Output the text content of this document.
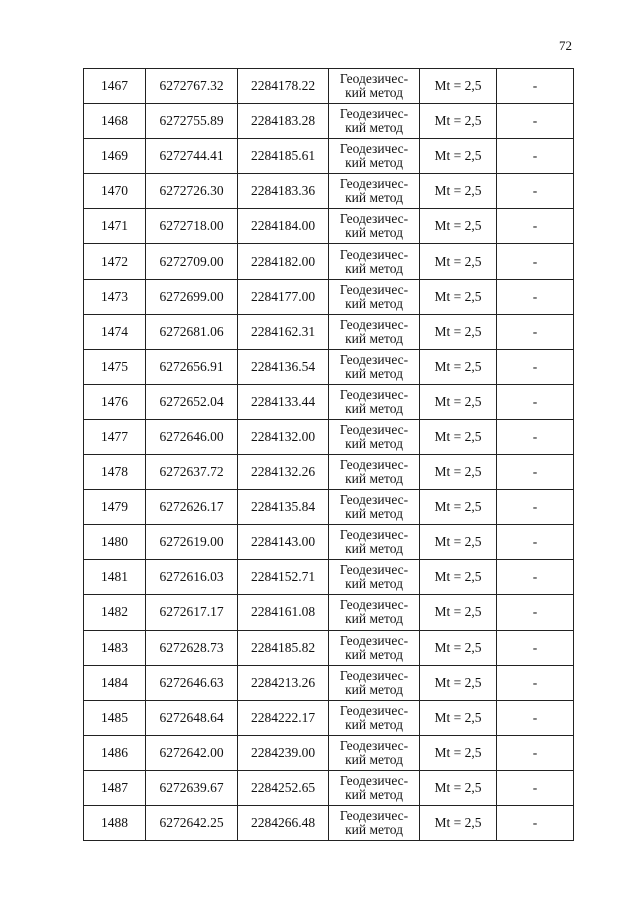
72
1467	6272767.32	2284178.22	Геодезичес-
кий метод	Mt = 2,5	-
1468	6272755.89	2284183.28	Геодезичес-
кий метод	Mt = 2,5	-
1469	6272744.41	2284185.61	Геодезичес-
кий метод	Mt = 2,5	-
1470	6272726.30	2284183.36	Геодезичес-
кий метод	Mt = 2,5	-
1471	6272718.00	2284184.00	Геодезичес-
кий метод	Mt = 2,5	-
1472	6272709.00	2284182.00	Геодезичес-
кий метод	Mt = 2,5	-
1473	6272699.00	2284177.00	Геодезичес-
кий метод	Mt = 2,5	-
1474	6272681.06	2284162.31	Геодезичес-
кий метод	Mt = 2,5	-
1475	6272656.91	2284136.54	Геодезичес-
кий метод	Mt = 2,5	-
1476	6272652.04	2284133.44	Геодезичес-
кий метод	Mt = 2,5	-
1477	6272646.00	2284132.00	Геодезичес-
кий метод	Mt = 2,5	-
1478	6272637.72	2284132.26	Геодезичес-
кий метод	Mt = 2,5	-
1479	6272626.17	2284135.84	Геодезичес-
кий метод	Mt = 2,5	-
1480	6272619.00	2284143.00	Геодезичес-
кий метод	Mt = 2,5	-
1481	6272616.03	2284152.71	Геодезичес-
кий метод	Mt = 2,5	-
1482	6272617.17	2284161.08	Геодезичес-
кий метод	Mt = 2,5	-
1483	6272628.73	2284185.82	Геодезичес-
кий метод	Mt = 2,5	-
1484	6272646.63	2284213.26	Геодезичес-
кий метод	Mt = 2,5	-
1485	6272648.64	2284222.17	Геодезичес-
кий метод	Mt = 2,5	-
1486	6272642.00	2284239.00	Геодезичес-
кий метод	Mt = 2,5	-
1487	6272639.67	2284252.65	Геодезичес-
кий метод	Mt = 2,5	-
1488	6272642.25	2284266.48	Геодезичес-
кий метод	Mt = 2,5	-
